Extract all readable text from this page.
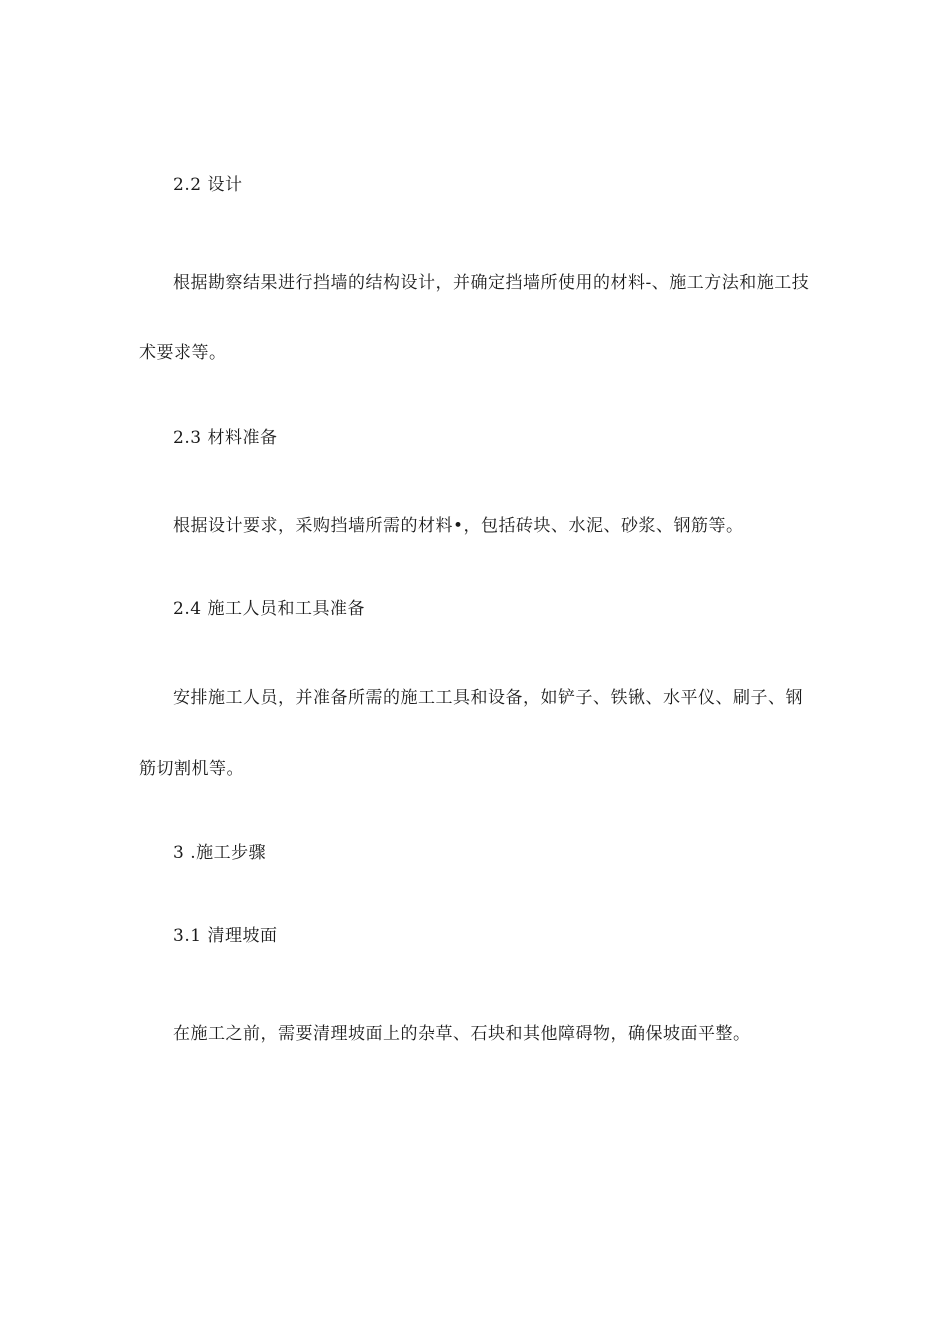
2.2 设计
根据勘察结果进行挡墙的结构设计，并确定挡墙所使用的材料-、施工方法和施工技
术要求等。
2.3 材料准备
根据设计要求，采购挡墙所需的材料•，包括砖块、水泥、砂浆、钢筋等。
2.4 施工人员和工具准备
安排施工人员，并准备所需的施工工具和设备，如铲子、铁锹、水平仪、刷子、钢
筋切割机等。
3 .施工步骤
3.1 清理坡面
在施工之前，需要清理坡面上的杂草、石块和其他障碍物，确保坡面平整。
